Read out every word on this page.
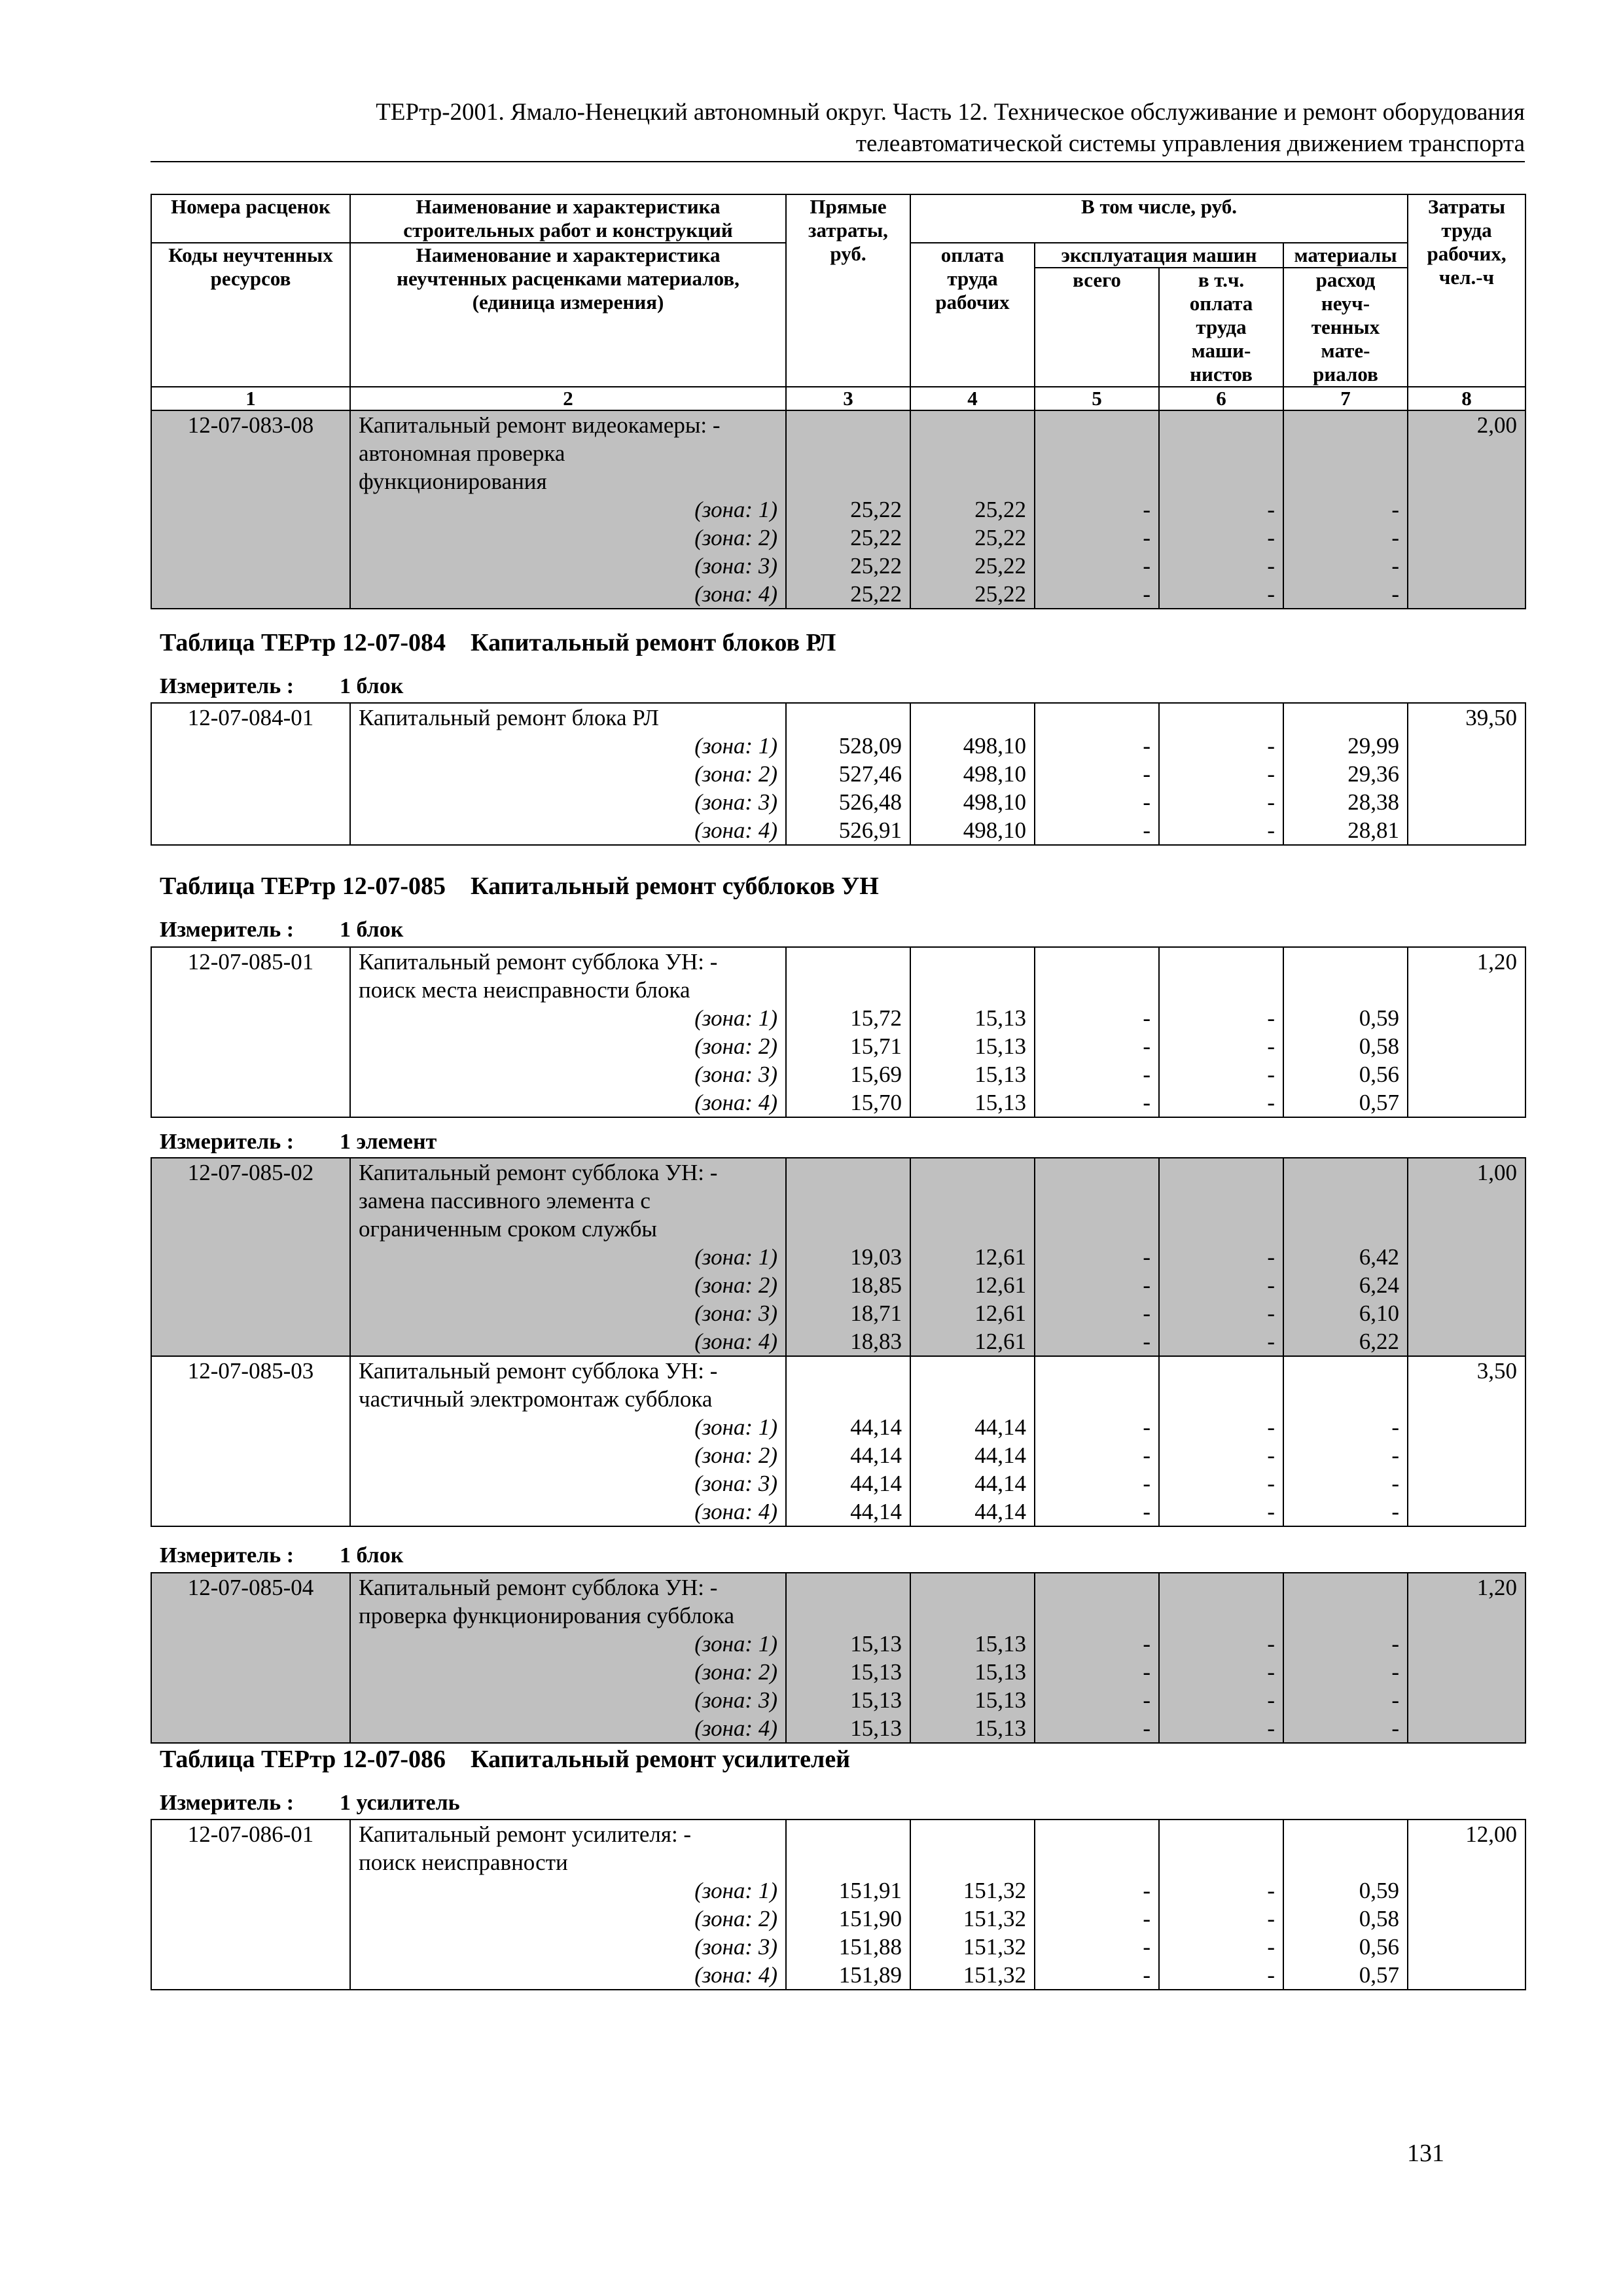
ТЕРтр-2001. Ямало-Ненецкий автономный округ. Часть 12. Техническое обслуживание и ремонт оборудования
телеавтоматической системы управления движением транспорта
Номера расценок	Наименование и характеристика строительных работ и конструкций	Прямые затраты, руб.	В том числе, руб.				Затраты труда рабочих, чел.-ч
Коды неучтенных ресурсов	Наименование и характеристика неучтенных расценками материалов, (единица измерения)		оплата труда рабочих	эксплуатация машин		материалы	
				всего	в т.ч. оплата труда маши-нистов	расход неуч-тенных мате-риалов	

1	2	3	4	5	6	7	8
12-07-083-08	Капитальный ремонт видеокамеры: -						2,00
	автономная проверка						
	функционирования						
	(зона: 1)	25,22	25,22	-	-	-	
	(зона: 2)	25,22	25,22	-	-	-	
	(зона: 3)	25,22	25,22	-	-	-	
	(зона: 4)	25,22	25,22	-	-	-	
Таблица ТЕРтр 12-07-084    Капитальный ремонт блоков РЛ
Измеритель : 1 блок
12-07-084-01	Капитальный ремонт блока РЛ						39,50
	(зона: 1)	528,09	498,10	-	-	29,99	
	(зона: 2)	527,46	498,10	-	-	29,36	
	(зона: 3)	526,48	498,10	-	-	28,38	
	(зона: 4)	526,91	498,10	-	-	28,81	
Таблица ТЕРтр 12-07-085    Капитальный ремонт субблоков УН
Измеритель : 1 блок
12-07-085-01	Капитальный ремонт субблока УН: -						1,20
	поиск места неисправности блока						
	(зона: 1)	15,72	15,13	-	-	0,59	
	(зона: 2)	15,71	15,13	-	-	0,58	
	(зона: 3)	15,69	15,13	-	-	0,56	
	(зона: 4)	15,70	15,13	-	-	0,57	
Измеритель : 1 элемент
12-07-085-02	Капитальный ремонт субблока УН: -						1,00
	замена пассивного элемента с						
	ограниченным сроком службы						
	(зона: 1)	19,03	12,61	-	-	6,42	
	(зона: 2)	18,85	12,61	-	-	6,24	
	(зона: 3)	18,71	12,61	-	-	6,10	
	(зона: 4)	18,83	12,61	-	-	6,22	
12-07-085-03	Капитальный ремонт субблока УН: -						3,50
	частичный электромонтаж субблока						
	(зона: 1)	44,14	44,14	-	-	-	
	(зона: 2)	44,14	44,14	-	-	-	
	(зона: 3)	44,14	44,14	-	-	-	
	(зона: 4)	44,14	44,14	-	-	-	
Измеритель : 1 блок
12-07-085-04	Капитальный ремонт субблока УН: -						1,20
	проверка функционирования субблока						
	(зона: 1)	15,13	15,13	-	-	-	
	(зона: 2)	15,13	15,13	-	-	-	
	(зона: 3)	15,13	15,13	-	-	-	
	(зона: 4)	15,13	15,13	-	-	-	
Таблица ТЕРтр 12-07-086    Капитальный ремонт усилителей
Измеритель : 1 усилитель
12-07-086-01	Капитальный ремонт усилителя: -						12,00
	поиск неисправности						
	(зона: 1)	151,91	151,32	-	-	0,59	
	(зона: 2)	151,90	151,32	-	-	0,58	
	(зона: 3)	151,88	151,32	-	-	0,56	
	(зона: 4)	151,89	151,32	-	-	0,57	
131
